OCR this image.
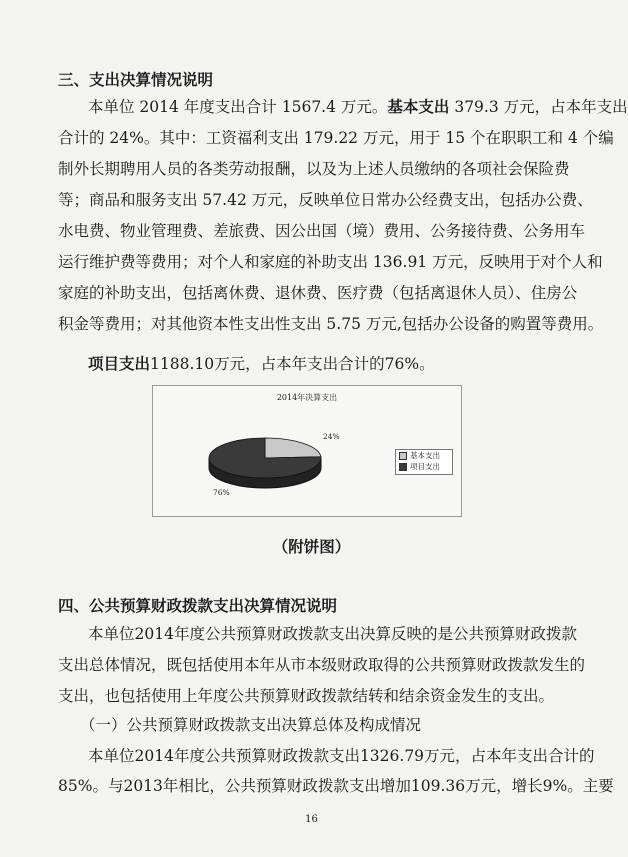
三、支出决算情况说明
本单位 2014 年度支出合计 1567.4 万元。基本支出 379.3 万元，占本年支出
合计的 24%。其中：工资福利支出 179.22 万元，用于 15 个在职职工和 4 个编
制外长期聘用人员的各类劳动报酬，以及为上述人员缴纳的各项社会保险费
等；商品和服务支出 57.42 万元，反映单位日常办公经费支出，包括办公费、
水电费、物业管理费、差旅费、因公出国（境）费用、公务接待费、公务用车
运行维护费等费用；对个人和家庭的补助支出 136.91 万元，反映用于对个人和
家庭的补助支出，包括离休费、退休费、医疗费（包括离退休人员）、住房公
积金等费用；对其他资本性支出性支出 5.75 万元,包括办公设备的购置等费用。
项目支出1188.10万元，占本年支出合计的76%。
2014年决算支出
24%
76%
基本支出
项目支出
（附饼图）
四、公共预算财政拨款支出决算情况说明
本单位2014年度公共预算财政拨款支出决算反映的是公共预算财政拨款
支出总体情况，既包括使用本年从市本级财政取得的公共预算财政拨款发生的
支出，也包括使用上年度公共预算财政拨款结转和结余资金发生的支出。
（一）公共预算财政拨款支出决算总体及构成情况
本单位2014年度公共预算财政拨款支出1326.79万元，占本年支出合计的
85%。与2013年相比，公共预算财政拨款支出增加109.36万元，增长9%。主要
16
